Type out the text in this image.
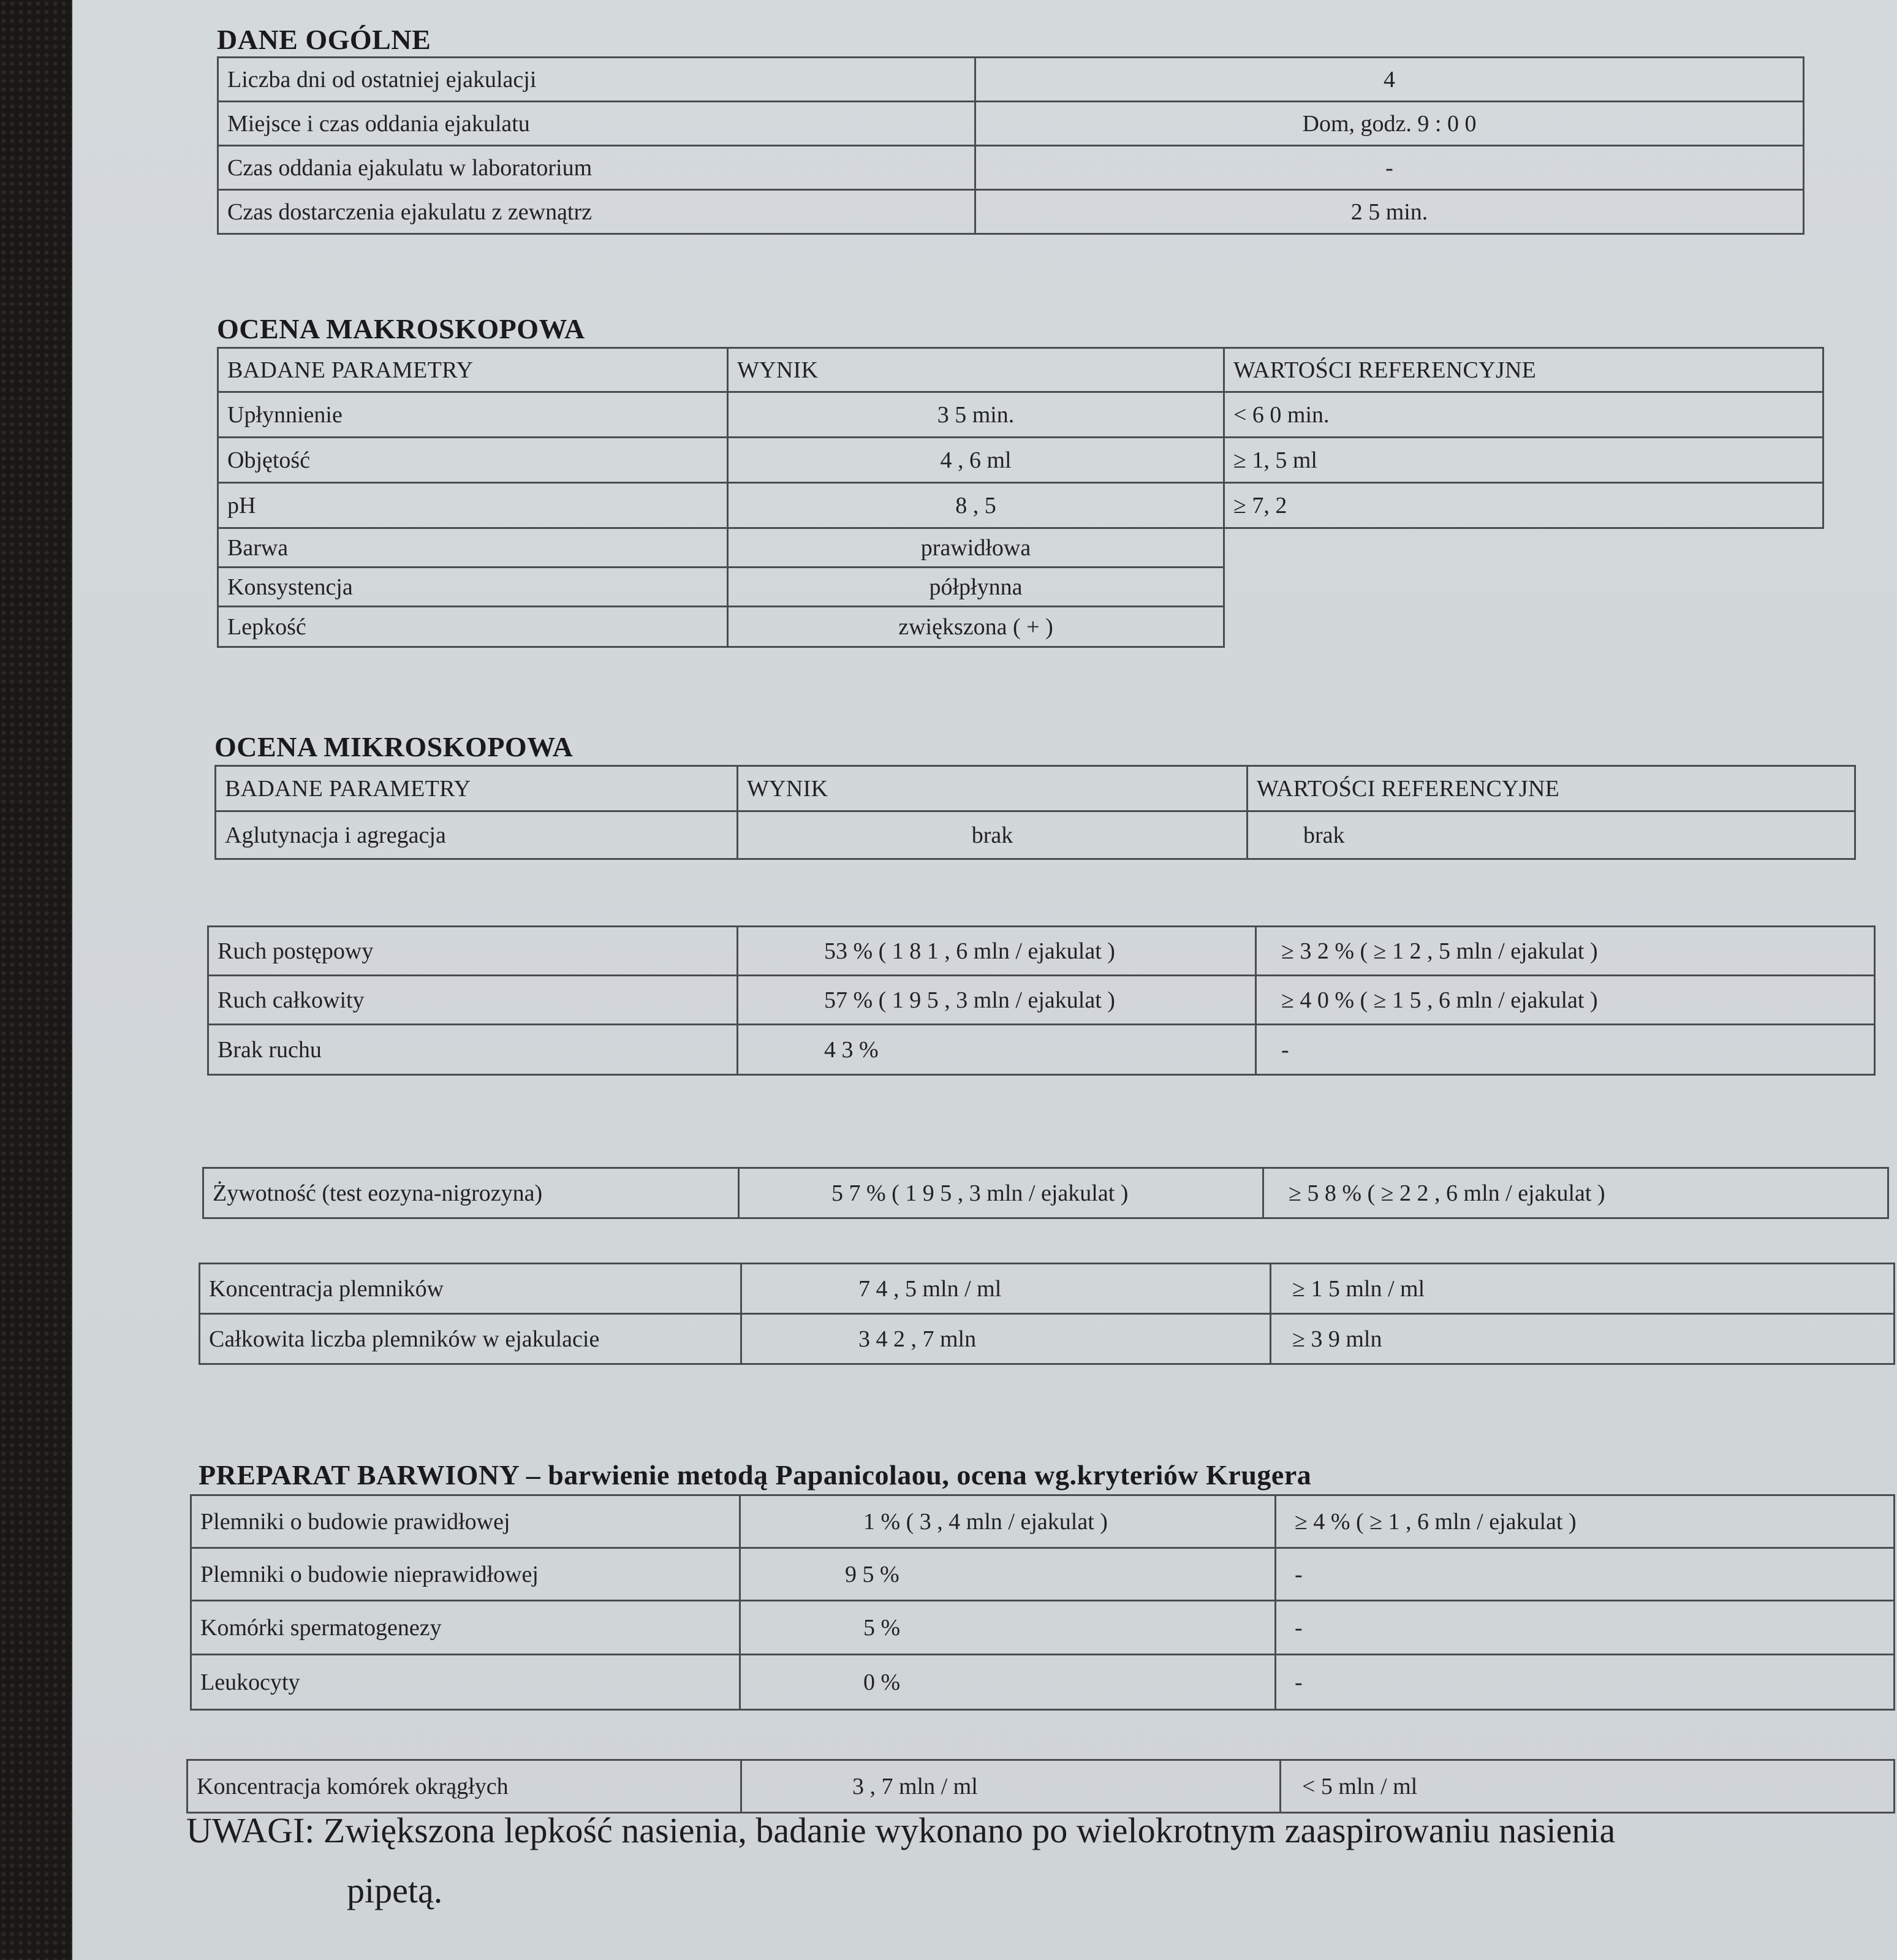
DANE OGÓLNE
Liczba dni od ostatniej ejakulacji	4
Miejsce i czas oddania ejakulatu	Dom, godz. 9 : 0 0
Czas oddania ejakulatu w laboratorium	-
Czas dostarczenia ejakulatu z zewnątrz	2 5 min.
OCENA MAKROSKOPOWA
BADANE PARAMETRY	WYNIK	WARTOŚCI REFERENCYJNE
Upłynnienie	3 5 min.	< 6 0 min.
Objętość	4 , 6 ml	≥ 1, 5 ml
pH	8 , 5	≥ 7, 2
Barwa	prawidłowa	
Konsystencja	półpłynna	
Lepkość	zwiększona ( + )	
OCENA MIKROSKOPOWA
BADANE PARAMETRY	WYNIK	WARTOŚCI REFERENCYJNE
Aglutynacja i agregacja	brak	brak
Ruch postępowy	53 % ( 1 8 1 , 6 mln / ejakulat )	≥ 3 2 % ( ≥ 1 2 , 5 mln / ejakulat )
Ruch całkowity	57 % ( 1 9 5 , 3 mln / ejakulat )	≥ 4 0 % ( ≥ 1 5 , 6 mln / ejakulat )
Brak ruchu	4 3 %	-
Żywotność (test eozyna-nigrozyna)	5 7 % ( 1 9 5 , 3 mln / ejakulat )	≥ 5 8 % ( ≥ 2 2 , 6 mln / ejakulat )
Koncentracja plemników	7 4 , 5 mln / ml	≥ 1 5 mln / ml
Całkowita liczba plemników w ejakulacie	3 4 2 , 7 mln	≥ 3 9 mln
PREPARAT BARWIONY – barwienie metodą Papanicolaou, ocena wg.kryteriów Krugera
Plemniki o budowie prawidłowej	1 % ( 3 , 4 mln / ejakulat )	≥ 4 % ( ≥ 1 , 6 mln / ejakulat )
Plemniki o budowie nieprawidłowej	9 5 %	-
Komórki spermatogenezy	5 %	-
Leukocyty	0 %	-
Koncentracja komórek okrągłych	3 , 7 mln / ml	< 5 mln / ml
UWAGI: Zwiększona lepkość nasienia, badanie wykonano po wielokrotnym zaaspirowaniu nasienia
pipetą.
